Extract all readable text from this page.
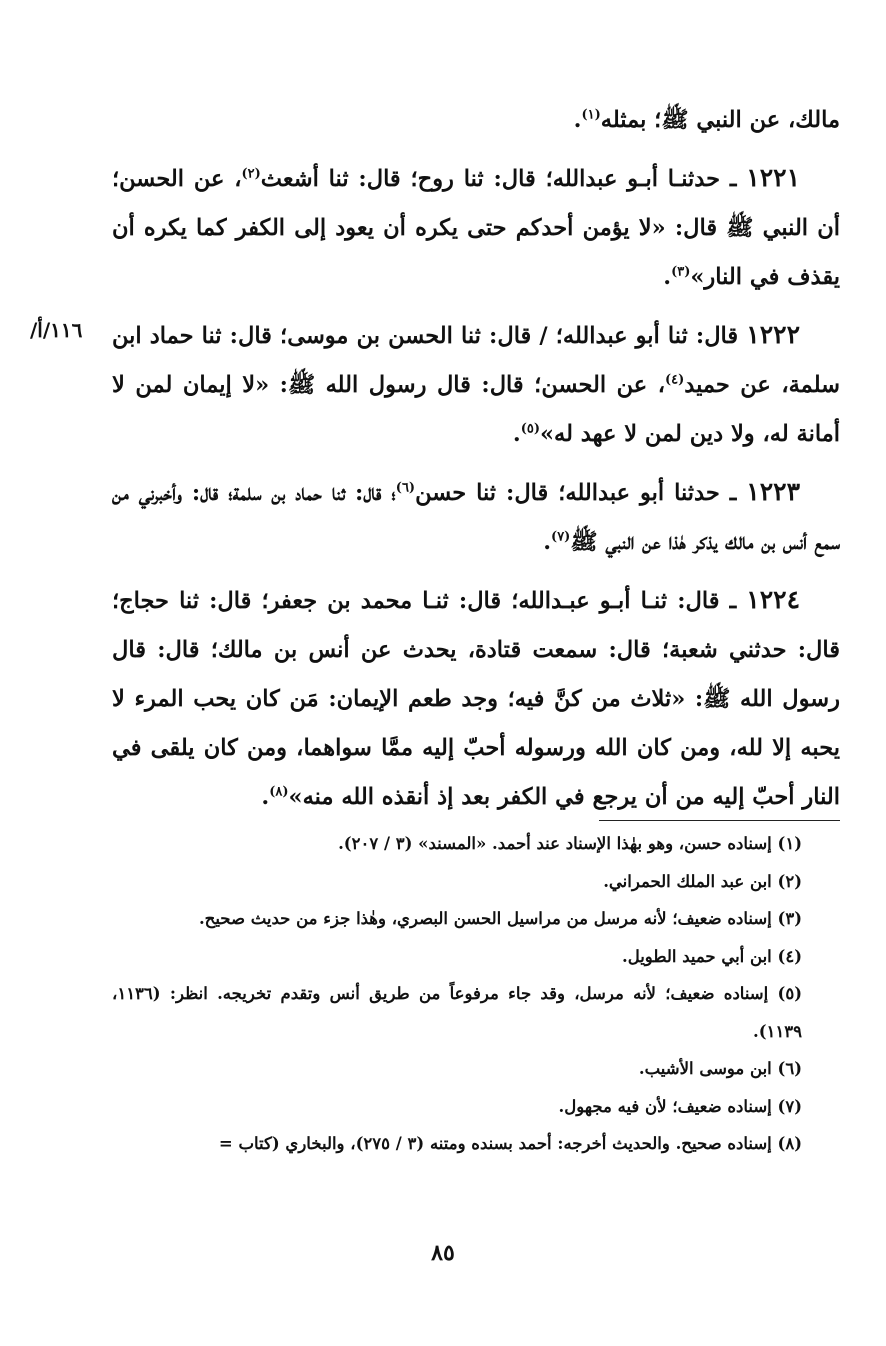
مالك، عن النبي ﷺ؛ بمثله$^{(١)}$.

١٢٢١ ـ حدثنـا أبـو عبدالله؛ قال: ثنا روح؛ قال: ثنا أشعث$^{(٢)}$، عن الحسن؛ أن النبي ﷺ قال: «لا يؤمن أحدكم حتى يكره أن يعود إلى الكفر كما يكره أن يقذف في النار»$^{(٣)}$.

١٢٢٢ قال: ثنا أبو عبدالله؛ / قال: ثنا الحسن بن موسى؛ قال: ثنا حماد ابن سلمة، عن حميد$^{(٤)}$، عن الحسن؛ قال: قال رسول الله ﷺ: «لا إيمان لمن لا أمانة له، ولا دين لمن لا عهد له»$^{(٥)}$.

١٢٢٣ ـ حدثنا أبو عبدالله؛ قال: ثنا حسن$^{(٦)}$؛ قال: ثنا حماد بن سلمة؛ قال: وأخبرني من سمع أنس بن مالك يذكر هٰذا عن النبي ﷺ$^{(٧)}$.

١٢٢٤ ـ قال: ثنـا أبـو عبـدالله؛ قال: ثنـا محمد بن جعفر؛ قال: ثنا حجاج؛ قال: حدثني شعبة؛ قال: سمعت قتادة، يحدث عن أنس بن مالك؛ قال: قال رسول الله ﷺ: «ثلاث من كنَّ فيه؛ وجد طعم الإيمان: مَن كان يحب المرء لا يحبه إلا لله، ومن كان الله ورسوله أحبّ إليه ممَّا سواهما، ومن كان يلقى في النار أحبّ إليه من أن يرجع في الكفر بعد إذ أنقذه الله منه»$^{(٨)}$.

١١٦/أ/

(١) إسناده حسن، وهو بهٰذا الإسناد عند أحمد. «المسند» (٣ / ٢٠٧).

(٢) ابن عبد الملك الحمراني.

(٣) إسناده ضعيف؛ لأنه مرسل من مراسيل الحسن البصري، وهٰذا جزء من حديث صحيح.

(٤) ابن أبي حميد الطويل.

(٥) إسناده ضعيف؛ لأنه مرسل، وقد جاء مرفوعاً من طريق أنس وتقدم تخريجه. انظر: (١١٣٦، ١١٣٩).

(٦) ابن موسى الأشيب.

(٧) إسناده ضعيف؛ لأن فيه مجهول.

(٨) إسناده صحيح. والحديث أخرجه: أحمد بسنده ومتنه (٣ / ٢٧٥)، والبخاري (كتاب =

٨٥
